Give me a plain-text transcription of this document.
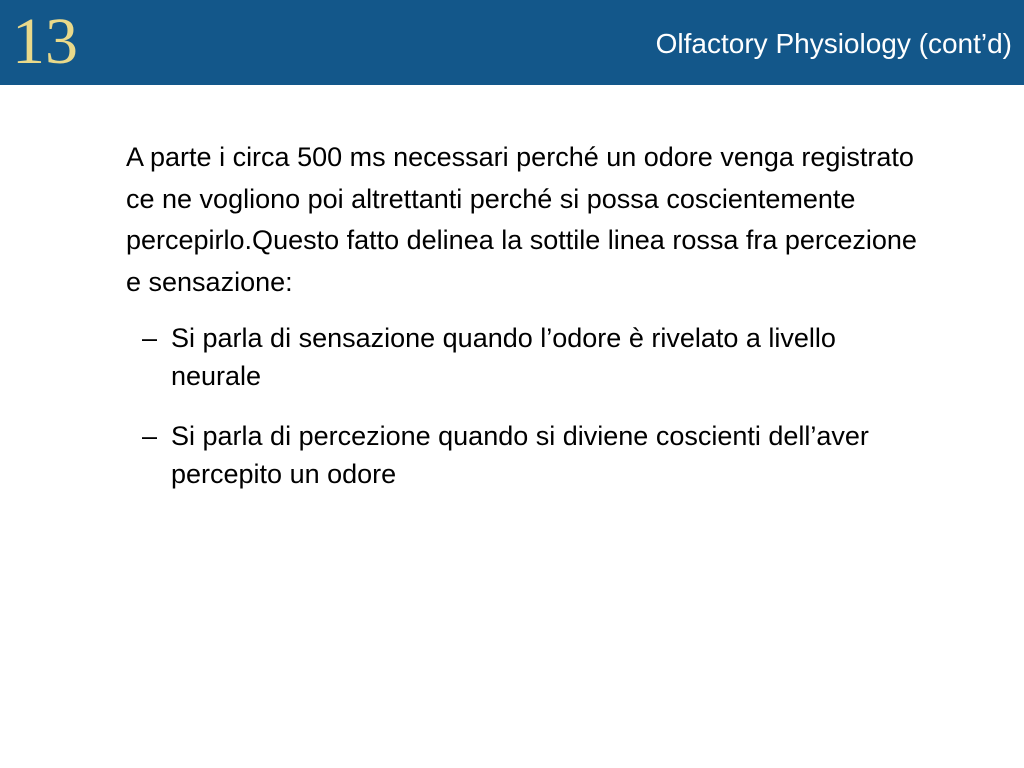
13	Olfactory Physiology (cont’d)

A parte i circa 500 ms necessari perché un odore venga registrato ce ne vogliono poi altrettanti perché si possa coscientemente percepirlo.Questo fatto delinea la sottile linea rossa fra percezione e sensazione:

– Si parla di sensazione quando l’odore è rivelato a livello neurale
– Si parla di percezione quando si diviene coscienti dell’aver percepito un odore
